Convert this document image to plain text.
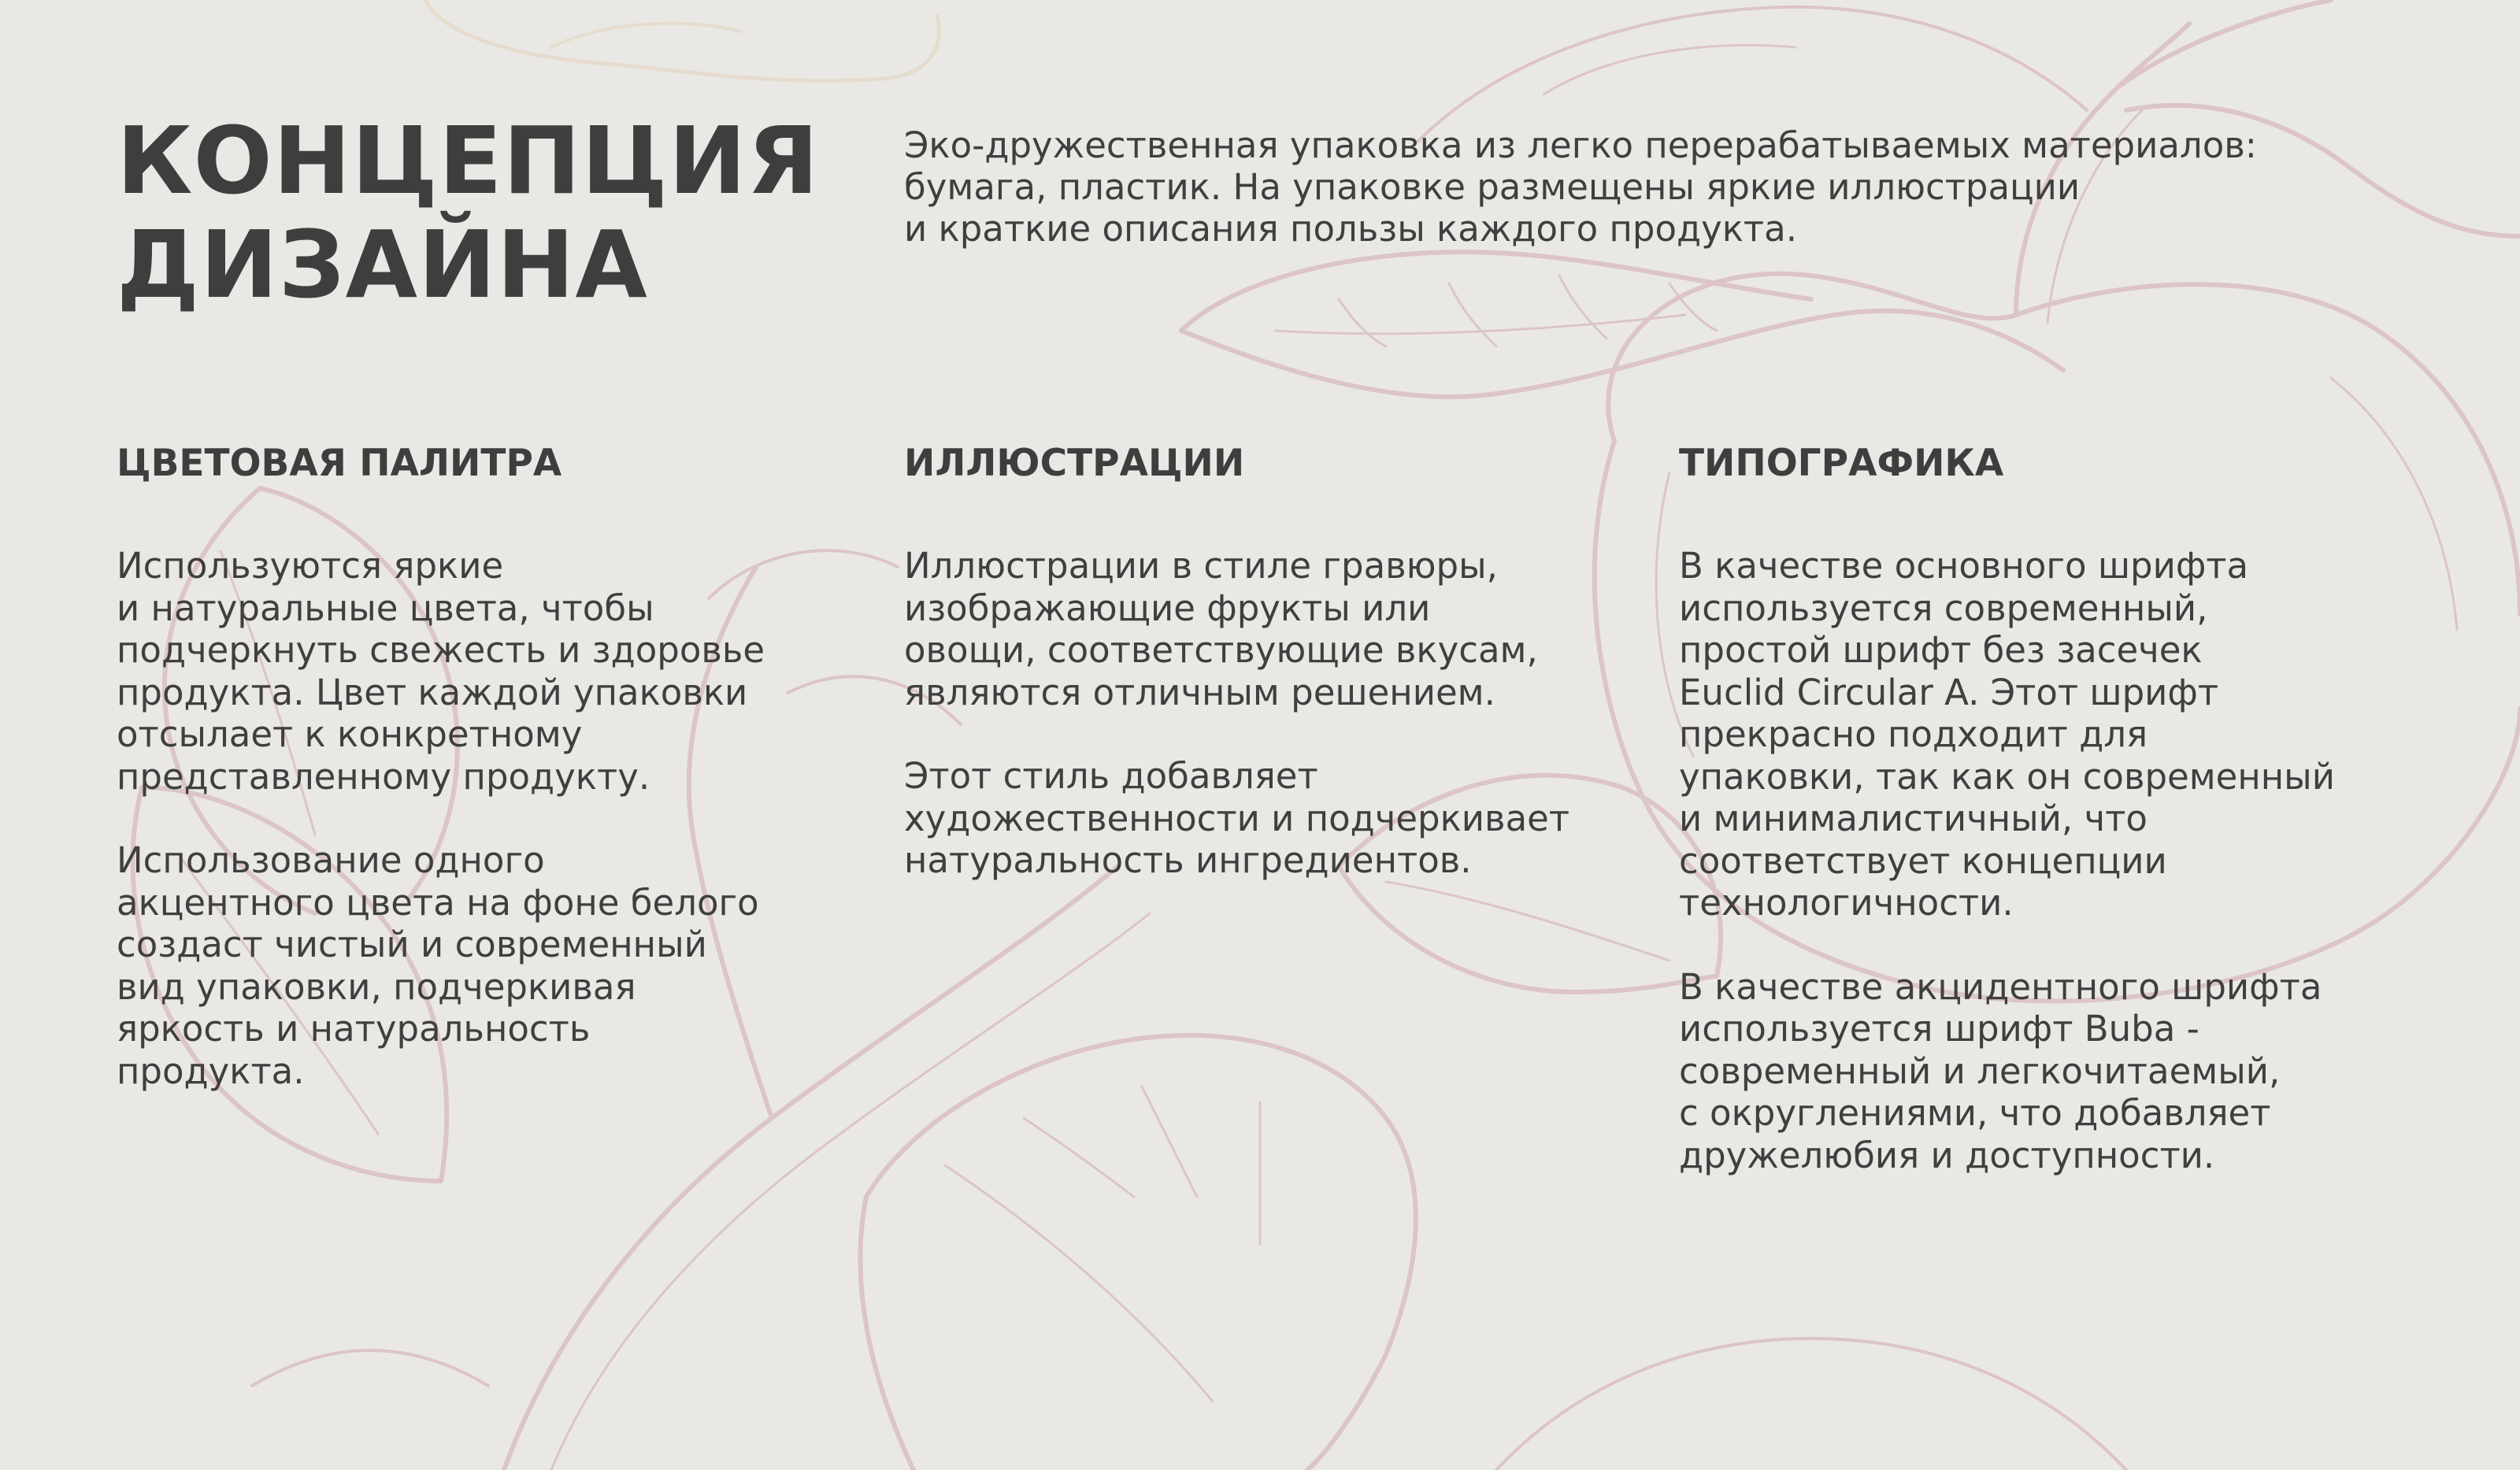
КОНЦЕПЦИЯ
ДИЗАЙНА

Эко-дружественная упаковка из легко перерабатываемых материалов:
бумага, пластик. На упаковке размещены яркие иллюстрации
и краткие описания пользы каждого продукта.

ЦВЕТОВАЯ ПАЛИТРА

Используются яркие
и натуральные цвета, чтобы
подчеркнуть свежесть и здоровье
продукта. Цвет каждой упаковки
отсылает к конкретному
представленному продукту.

Использование одного
акцентного цвета на фоне белого
создаст чистый и современный
вид упаковки, подчеркивая
яркость и натуральность
продукта.

ИЛЛЮСТРАЦИИ

Иллюстрации в стиле гравюры,
изображающие фрукты или
овощи, соответствующие вкусам,
являются отличным решением.

Этот стиль добавляет
художественности и подчеркивает
натуральность ингредиентов.

ТИПОГРАФИКА

В качестве основного шрифта
используется современный,
простой шрифт без засечек
Euclid Circular A. Этот шрифт
прекрасно подходит для
упаковки, так как он современный
и минималистичный, что
соответствует концепции
технологичности.

В качестве акцидентного шрифта
используется шрифт Buba -
современный и легкочитаемый,
с округлениями, что добавляет
дружелюбия и доступности.
